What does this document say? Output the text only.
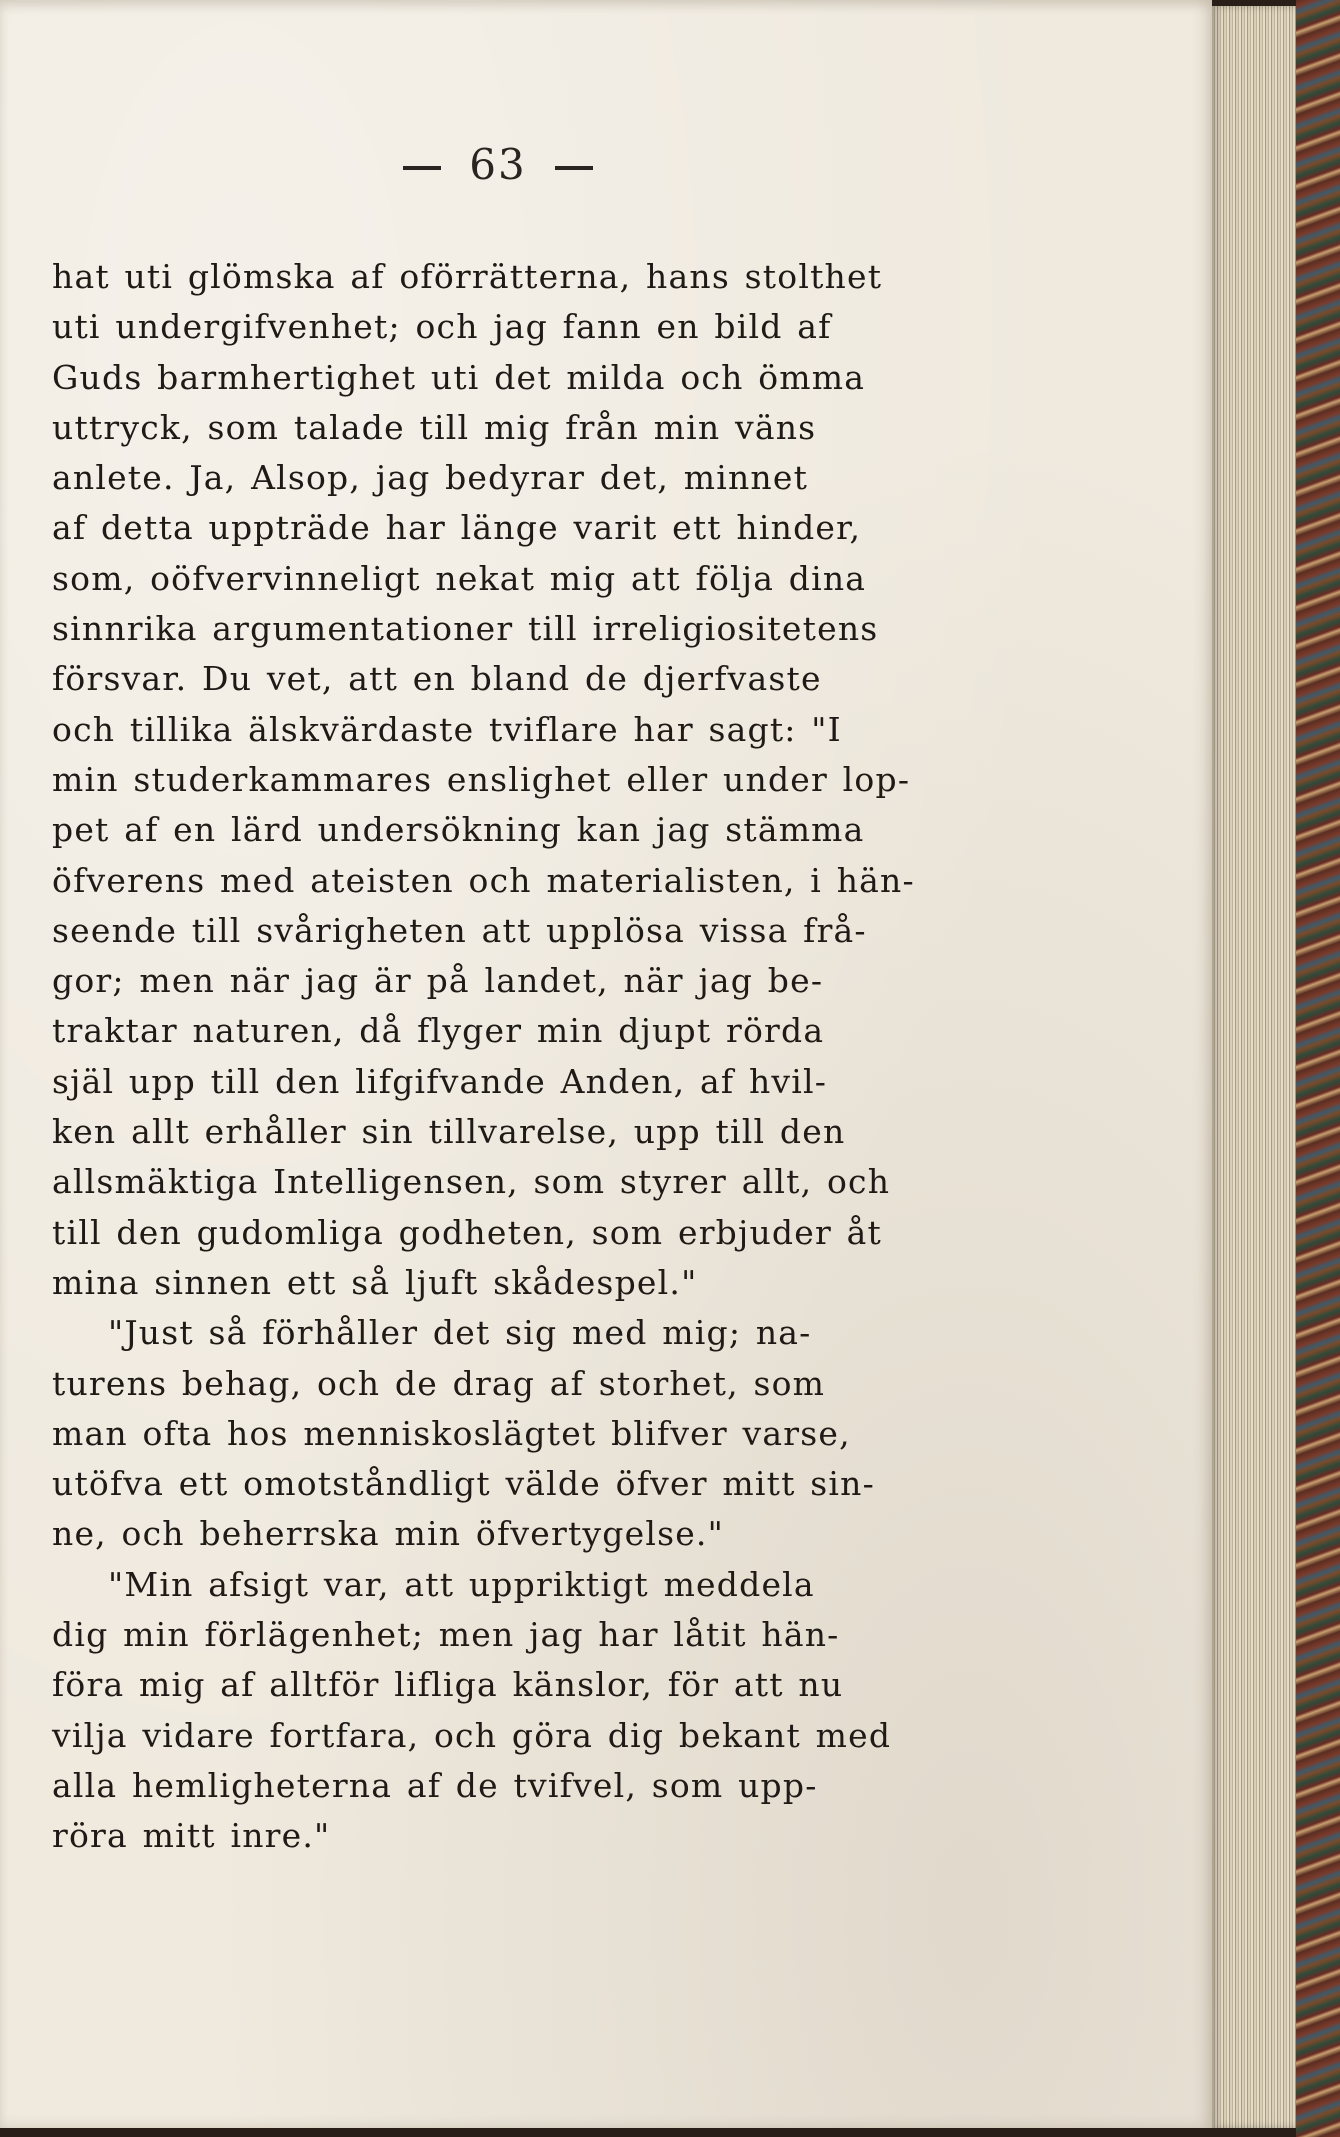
63
hat uti glömska af oförrätterna, hans stolthet
uti undergifvenhet; och jag fann en bild af
Guds barmhertighet uti det milda och ömma
uttryck, som talade till mig från min väns
anlete. Ja, Alsop, jag bedyrar det, minnet
af detta uppträde har länge varit ett hinder,
som, oöfvervinneligt nekat mig att följa dina
sinnrika argumentationer till irreligiositetens
försvar. Du vet, att en bland de djerfvaste
och tillika älskvärdaste tviflare har sagt: "I
min studerkammares enslighet eller under lop-
pet af en lärd undersökning kan jag stämma
öfverens med ateisten och materialisten, i hän-
seende till svårigheten att upplösa vissa frå-
gor; men när jag är på landet, när jag be-
traktar naturen, då flyger min djupt rörda
själ upp till den lifgifvande Anden, af hvil-
ken allt erhåller sin tillvarelse, upp till den
allsmäktiga Intelligensen, som styrer allt, och
till den gudomliga godheten, som erbjuder åt
mina sinnen ett så ljuft skådespel."
"Just så förhåller det sig med mig; na-
turens behag, och de drag af storhet, som
man ofta hos menniskoslägtet blifver varse,
utöfva ett omotståndligt välde öfver mitt sin-
ne, och beherrska min öfvertygelse."
"Min afsigt var, att uppriktigt meddela
dig min förlägenhet; men jag har låtit hän-
föra mig af alltför lifliga känslor, för att nu
vilja vidare fortfara, och göra dig bekant med
alla hemligheterna af de tvifvel, som upp-
röra mitt inre."
